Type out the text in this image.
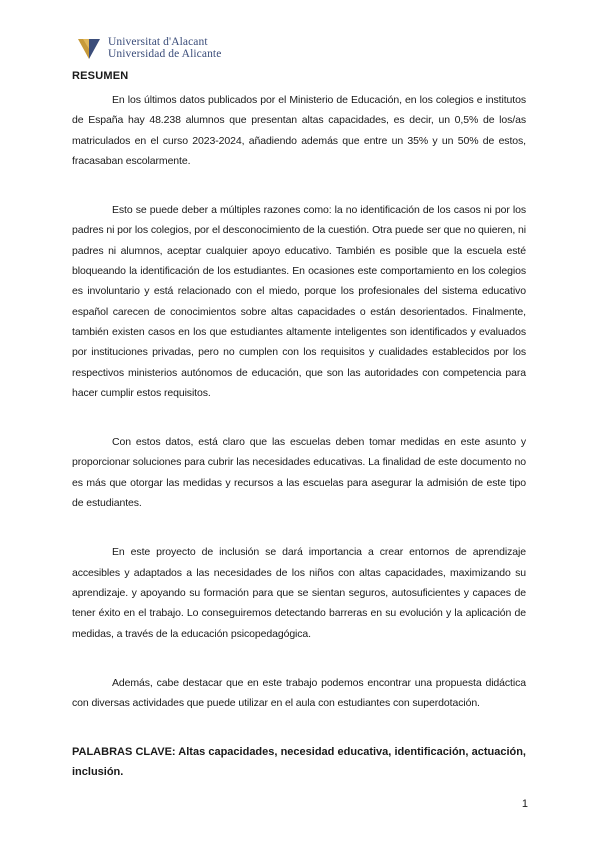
Universitat d'Alacant
Universidad de Alicante
RESUMEN

En los últimos datos publicados por el Ministerio de Educación, en los colegios e institutos de España hay 48.238 alumnos que presentan altas capacidades, es decir, un 0,5% de los/as matriculados en el curso 2023-2024, añadiendo además que entre un 35% y un 50% de estos, fracasaban escolarmente.

Esto se puede deber a múltiples razones como: la no identificación de los casos ni por los padres ni por los colegios, por el desconocimiento de la cuestión. Otra puede ser que no quieren, ni padres ni alumnos, aceptar cualquier apoyo educativo. También es posible que la escuela esté bloqueando la identificación de los estudiantes. En ocasiones este comportamiento en los colegios es involuntario y está relacionado con el miedo, porque los profesionales del sistema educativo español carecen de conocimientos sobre altas capacidades o están desorientados. Finalmente, también existen casos en los que estudiantes altamente inteligentes son identificados y evaluados por instituciones privadas, pero no cumplen con los requisitos y cualidades establecidos por los respectivos ministerios autónomos de educación, que son las autoridades con competencia para hacer cumplir estos requisitos.

Con estos datos, está claro que las escuelas deben tomar medidas en este asunto y proporcionar soluciones para cubrir las necesidades educativas. La finalidad de este documento no es más que otorgar las medidas y recursos a las escuelas para asegurar la admisión de este tipo de estudiantes.

En este proyecto de inclusión se dará importancia a crear entornos de aprendizaje accesibles y adaptados a las necesidades de los niños con altas capacidades, maximizando su aprendizaje. y apoyando su formación para que se sientan seguros, autosuficientes y capaces de tener éxito en el trabajo. Lo conseguiremos detectando barreras en su evolución y la aplicación de medidas, a través de la educación psicopedagógica.

Además, cabe destacar que en este trabajo podemos encontrar una propuesta didáctica con diversas actividades que puede utilizar en el aula con estudiantes con superdotación.

PALABRAS CLAVE: Altas capacidades, necesidad educativa, identificación, actuación, inclusión.
1
